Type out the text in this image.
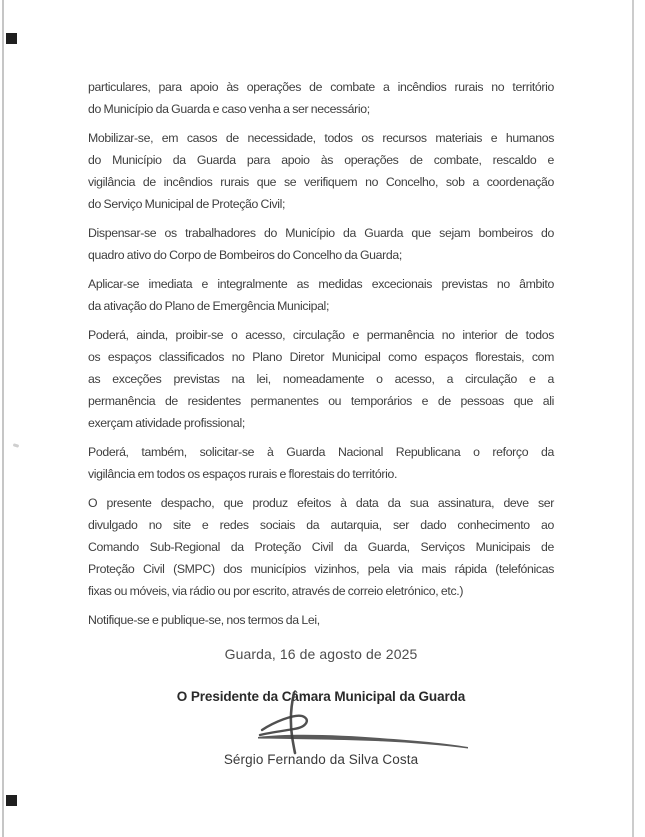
particulares, para apoio às operações de combate a incêndios rurais no território
do Município da Guarda e caso venha a ser necessário;
Mobilizar-se, em casos de necessidade, todos os recursos materiais e humanos
do Município da Guarda para apoio às operações de combate, rescaldo e
vigilância de incêndios rurais que se verifiquem no Concelho, sob a coordenação
do Serviço Municipal de Proteção Civil;
Dispensar-se os trabalhadores do Município da Guarda que sejam bombeiros do
quadro ativo do Corpo de Bombeiros do Concelho da Guarda;
Aplicar-se imediata e integralmente as medidas excecionais previstas no âmbito
da ativação do Plano de Emergência Municipal;
Poderá, ainda, proibir-se o acesso, circulação e permanência no interior de todos
os espaços classificados no Plano Diretor Municipal como espaços florestais, com
as exceções previstas na lei, nomeadamente o acesso, a circulação e a
permanência de residentes permanentes ou temporários e de pessoas que ali
exerçam atividade profissional;
Poderá, também, solicitar-se à Guarda Nacional Republicana o reforço da
vigilância em todos os espaços rurais e florestais do território.
O presente despacho, que produz efeitos à data da sua assinatura, deve ser
divulgado no site e redes sociais da autarquia, ser dado conhecimento ao
Comando Sub-Regional da Proteção Civil da Guarda, Serviços Municipais de
Proteção Civil (SMPC) dos municípios vizinhos, pela via mais rápida (telefónicas
fixas ou móveis, via rádio ou por escrito, através de correio eletrónico, etc.)
Notifique-se e publique-se, nos termos da Lei,
Guarda, 16 de agosto de 2025
O Presidente da Câmara Municipal da Guarda
Sérgio Fernando da Silva Costa
